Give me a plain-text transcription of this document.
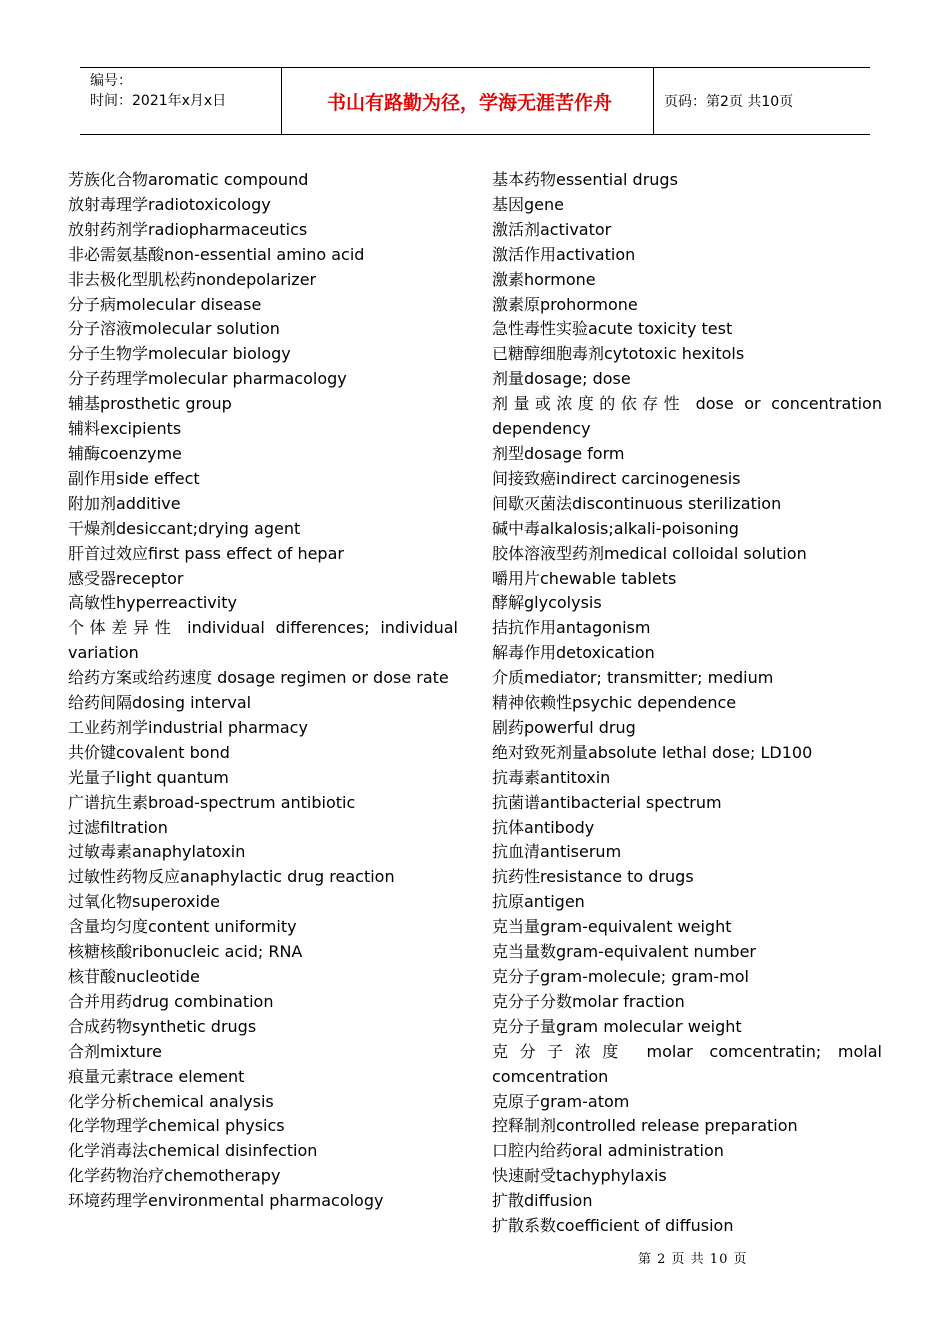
编号：
时间：2021年x月x日	书山有路勤为径，学海无涯苦作舟	页码：第2页 共10页
芳族化合物aromatic compound
放射毒理学radiotoxicology
放射药剂学radiopharmaceutics
非必需氨基酸non-essential amino acid
非去极化型肌松药nondepolarizer
分子病molecular disease
分子溶液molecular solution
分子生物学molecular biology
分子药理学molecular pharmacology
辅基prosthetic group
辅料excipients
辅酶coenzyme
副作用side effect
附加剂additive
干燥剂desiccant;drying agent
肝首过效应first pass effect of hepar
感受器receptor
高敏性hyperreactivity
个体差异性 individual differences; individual variation
给药方案或给药速度 dosage regimen or dose rate
给药间隔dosing interval
工业药剂学industrial pharmacy
共价键covalent bond
光量子light quantum
广谱抗生素broad-spectrum antibiotic
过滤filtration
过敏毒素anaphylatoxin
过敏性药物反应anaphylactic drug reaction
过氧化物superoxide
含量均匀度content uniformity
核糖核酸ribonucleic acid; RNA
核苷酸nucleotide
合并用药drug combination
合成药物synthetic drugs
合剂mixture
痕量元素trace element
化学分析chemical analysis
化学物理学chemical physics
化学消毒法chemical disinfection
化学药物治疗chemotherapy
环境药理学environmental pharmacology
基本药物essential drugs
基因gene
激活剂activator
激活作用activation
激素hormone
激素原prohormone
急性毒性实验acute toxicity test
已糖醇细胞毒剂cytotoxic hexitols
剂量dosage; dose
剂量或浓度的依存性 dose or concentration dependency
剂型dosage form
间接致癌indirect carcinogenesis
间歇灭菌法discontinuous sterilization
碱中毒alkalosis;alkali-poisoning
胶体溶液型药剂medical colloidal solution
嚼用片chewable tablets
酵解glycolysis
拮抗作用antagonism
解毒作用detoxication
介质mediator; transmitter; medium
精神依赖性psychic dependence
剧药powerful drug
绝对致死剂量absolute lethal dose; LD100
抗毒素antitoxin
抗菌谱antibacterial spectrum
抗体antibody
抗血清antiserum
抗药性resistance to drugs
抗原antigen
克当量gram-equivalent weight
克当量数gram-equivalent number
克分子gram-molecule; gram-mol
克分子分数molar fraction
克分子量gram molecular weight
克分子浓度 molar comcentratin; molal comcentration
克原子gram-atom
控释制剂controlled release preparation
口腔内给药oral administration
快速耐受tachyphylaxis
扩散diffusion
扩散系数coefficient of diffusion
第 2 页 共 10 页
